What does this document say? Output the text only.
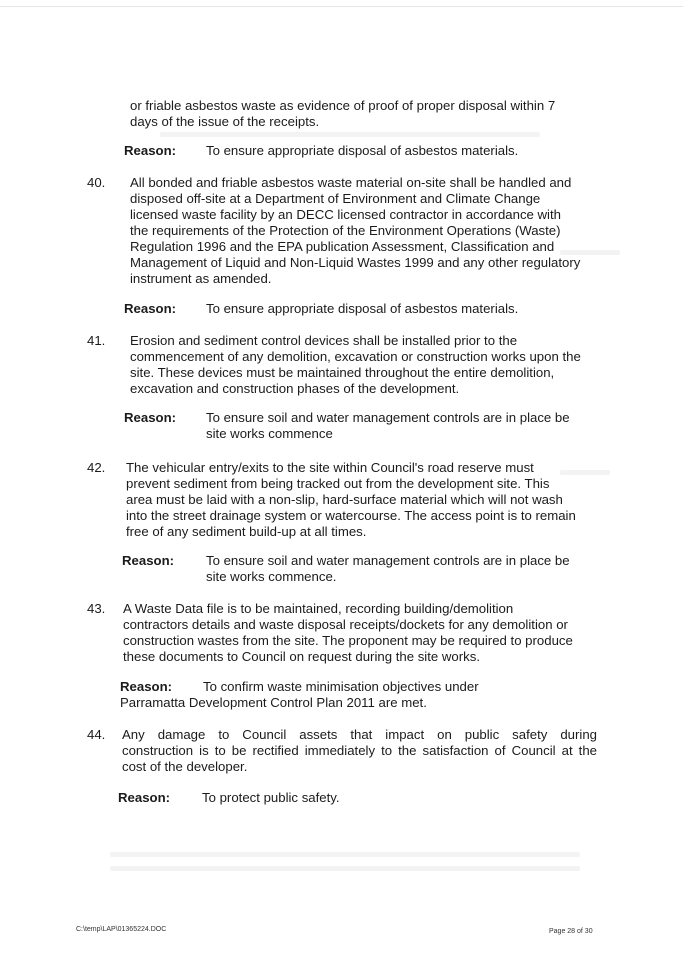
or friable asbestos waste as evidence of proof of proper disposal within 7
days of the issue of the receipts.
Reason: To ensure appropriate disposal of asbestos materials.
40. All bonded and friable asbestos waste material on-site shall be handled and
disposed off-site at a Department of Environment and Climate Change
licensed waste facility by an DECC licensed contractor in accordance with
the requirements of the Protection of the Environment Operations (Waste)
Regulation 1996 and the EPA publication Assessment, Classification and
Management of Liquid and Non-Liquid Wastes 1999 and any other regulatory
instrument as amended.
Reason: To ensure appropriate disposal of asbestos materials.
41. Erosion and sediment control devices shall be installed prior to the
commencement of any demolition, excavation or construction works upon the
site. These devices must be maintained throughout the entire demolition,
excavation and construction phases of the development.
Reason: To ensure soil and water management controls are in place be
site works commence
42. The vehicular entry/exits to the site within Council's road reserve must
prevent sediment from being tracked out from the development site. This
area must be laid with a non-slip, hard-surface material which will not wash
into the street drainage system or watercourse. The access point is to remain
free of any sediment build-up at all times.
Reason: To ensure soil and water management controls are in place be
site works commence.
43. A Waste Data file is to be maintained, recording building/demolition
contractors details and waste disposal receipts/dockets for any demolition or
construction wastes from the site. The proponent may be required to produce
these documents to Council on request during the site works.
Reason: To confirm waste minimisation objectives under
Parramatta Development Control Plan 2011 are met.
44. Any damage to Council assets that impact on public safety during
construction is to be rectified immediately to the satisfaction of Council at the
cost of the developer.
Reason: To protect public safety.
C:\temp\LAP\01365224.DOC	Page 28 of 30
